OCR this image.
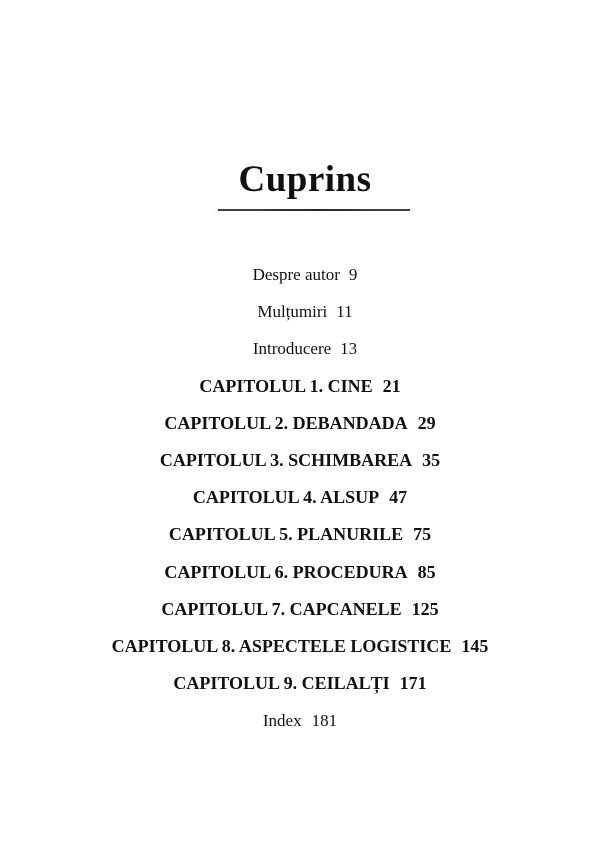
Cuprins
Despre autor 9
Mulțumiri 11
Introducere 13
CAPITOLUL 1. CINE 21
CAPITOLUL 2. DEBANDADA 29
CAPITOLUL 3. SCHIMBAREA 35
CAPITOLUL 4. ALSUP 47
CAPITOLUL 5. PLANURILE 75
CAPITOLUL 6. PROCEDURA 85
CAPITOLUL 7. CAPCANELE 125
CAPITOLUL 8. ASPECTELE LOGISTICE 145
CAPITOLUL 9. CEILALȚI 171
Index 181
